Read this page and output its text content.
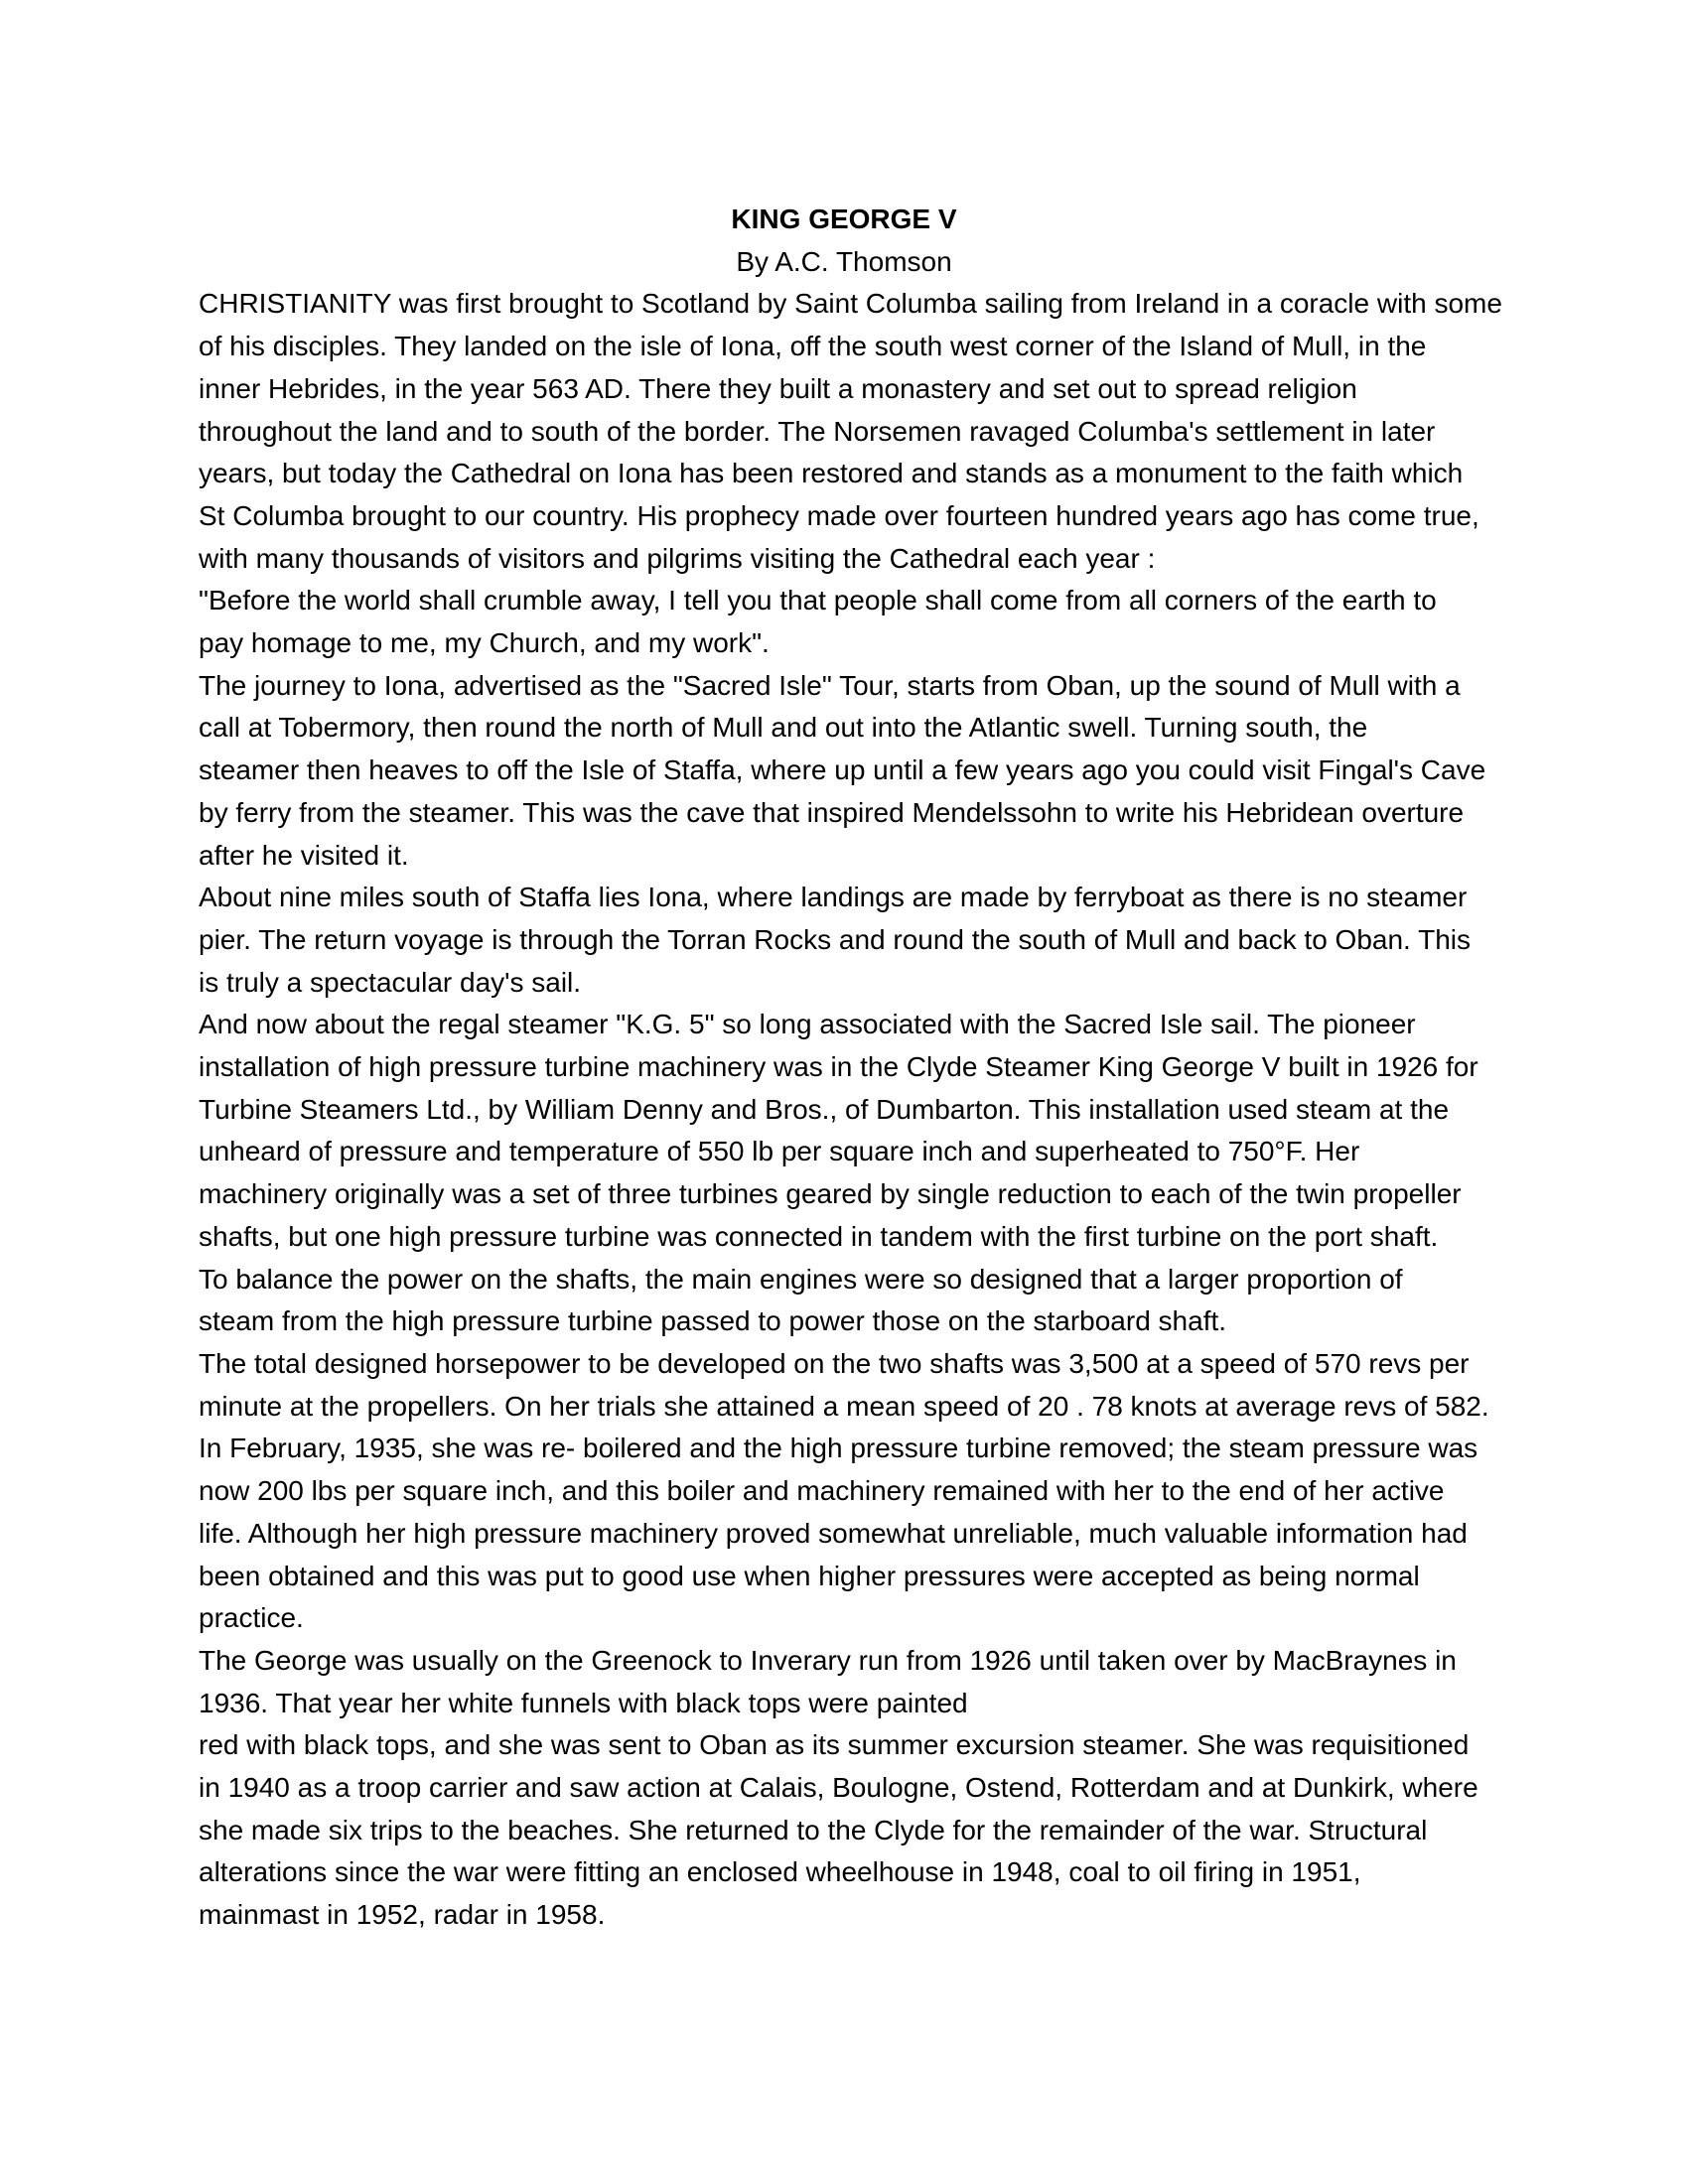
KING GEORGE V

By A.C. Thomson

CHRISTIANITY was first brought to Scotland by Saint Columba sailing from Ireland in a coracle with some
of his disciples. They landed on the isle of Iona, off the south west corner of the Island of Mull, in the
inner Hebrides, in the year 563 AD. There they built a monastery and set out to spread religion
throughout the land and to south of the border. The Norsemen ravaged Columba's settlement in later
years, but today the Cathedral on Iona has been restored and stands as a monument to the faith which
St Columba brought to our country. His prophecy made over fourteen hundred years ago has come true,
with many thousands of visitors and pilgrims visiting the Cathedral each year :

"Before the world shall crumble away, I tell you that people shall come from all corners of the earth to
pay homage to me, my Church, and my work".

The journey to Iona, advertised as the "Sacred Isle" Tour, starts from Oban, up the sound of Mull with a
call at Tobermory, then round the north of Mull and out into the Atlantic swell. Turning south, the
steamer then heaves to off the Isle of Staffa, where up until a few years ago you could visit Fingal's Cave
by ferry from the steamer. This was the cave that inspired Mendelssohn to write his Hebridean overture
after he visited it.

About nine miles south of Staffa lies Iona, where landings are made by ferryboat as there is no steamer
pier. The return voyage is through the Torran Rocks and round the south of Mull and back to Oban. This
is truly a spectacular day's sail.

And now about the regal steamer "K.G. 5" so long associated with the Sacred Isle sail. The pioneer
installation of high pressure turbine machinery was in the Clyde Steamer King George V built in 1926 for
Turbine Steamers Ltd., by William Denny and Bros., of Dumbarton. This installation used steam at the
unheard of pressure and temperature of 550 lb per square inch and superheated to 750°F. Her
machinery originally was a set of three turbines geared by single reduction to each of the twin propeller
shafts, but one high pressure turbine was connected in tandem with the first turbine on the port shaft.
To balance the power on the shafts, the main engines were so designed that a larger proportion of
steam from the high pressure turbine passed to power those on the starboard shaft.

The total designed horsepower to be developed on the two shafts was 3,500 at a speed of 570 revs per
minute at the propellers. On her trials she attained a mean speed of 20 . 78 knots at average revs of 582.
In February, 1935, she was re- boilered and the high pressure turbine removed; the steam pressure was
now 200 lbs per square inch, and this boiler and machinery remained with her to the end of her active
life. Although her high pressure machinery proved somewhat unreliable, much valuable information had
been obtained and this was put to good use when higher pressures were accepted as being normal
practice.

The George was usually on the Greenock to Inverary run from 1926 until taken over by MacBraynes in
1936. That year her white funnels with black tops were painted

red with black tops, and she was sent to Oban as its summer excursion steamer. She was requisitioned
in 1940 as a troop carrier and saw action at Calais, Boulogne, Ostend, Rotterdam and at Dunkirk, where
she made six trips to the beaches. She returned to the Clyde for the remainder of the war. Structural
alterations since the war were fitting an enclosed wheelhouse in 1948, coal to oil firing in 1951,
mainmast in 1952, radar in 1958.
